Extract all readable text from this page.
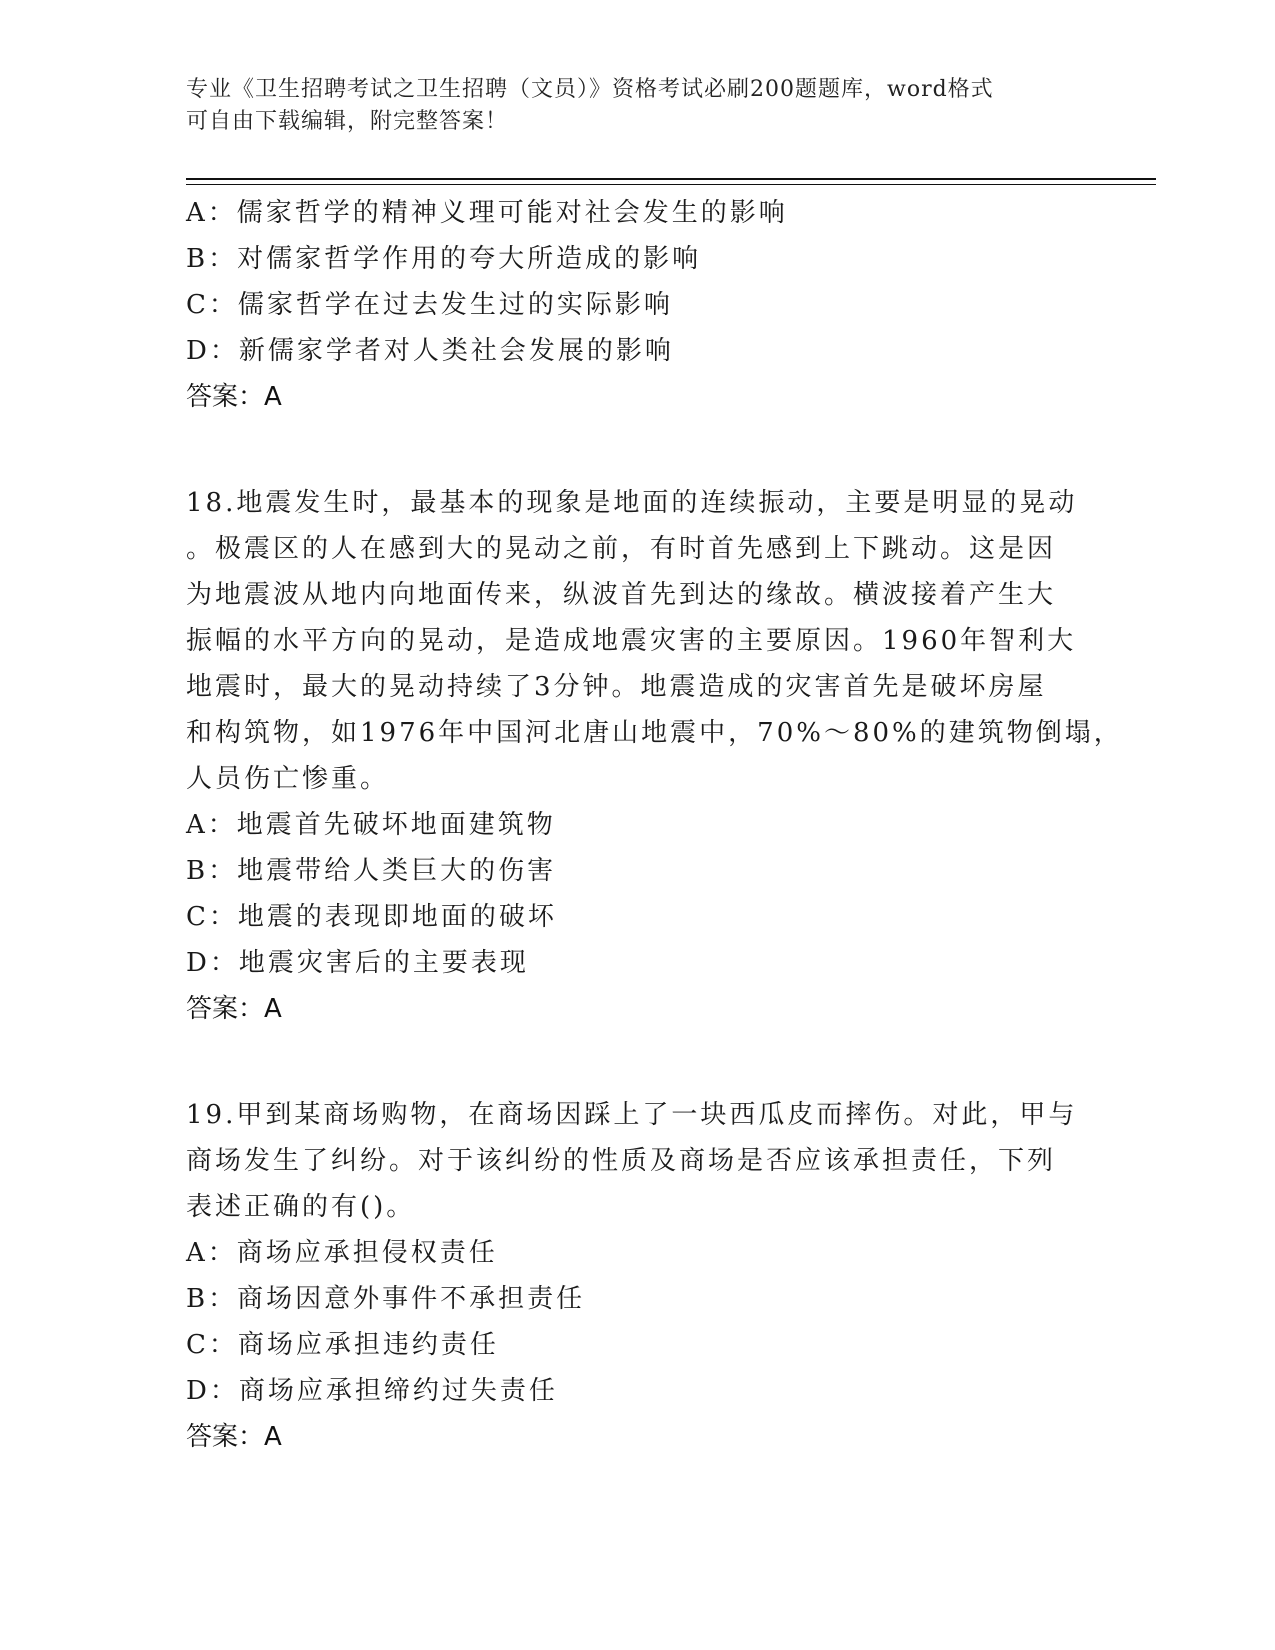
专业《卫生招聘考试之卫生招聘（文员）》资格考试必刷200题题库，word格式
可自由下载编辑，附完整答案！
A：儒家哲学的精神义理可能对社会发生的影响
B：对儒家哲学作用的夸大所造成的影响
C：儒家哲学在过去发生过的实际影响
D：新儒家学者对人类社会发展的影响
答案：A
18.地震发生时，最基本的现象是地面的连续振动，主要是明显的晃动
。极震区的人在感到大的晃动之前，有时首先感到上下跳动。这是因
为地震波从地内向地面传来，纵波首先到达的缘故。横波接着产生大
振幅的水平方向的晃动，是造成地震灾害的主要原因。1960年智利大
地震时，最大的晃动持续了3分钟。地震造成的灾害首先是破坏房屋
和构筑物，如1976年中国河北唐山地震中，70%～80%的建筑物倒塌，
人员伤亡惨重。
A：地震首先破坏地面建筑物
B：地震带给人类巨大的伤害
C：地震的表现即地面的破坏
D：地震灾害后的主要表现
答案：A
19.甲到某商场购物，在商场因踩上了一块西瓜皮而摔伤。对此，甲与
商场发生了纠纷。对于该纠纷的性质及商场是否应该承担责任，下列
表述正确的有()。
A：商场应承担侵权责任
B：商场因意外事件不承担责任
C：商场应承担违约责任
D：商场应承担缔约过失责任
答案：A
